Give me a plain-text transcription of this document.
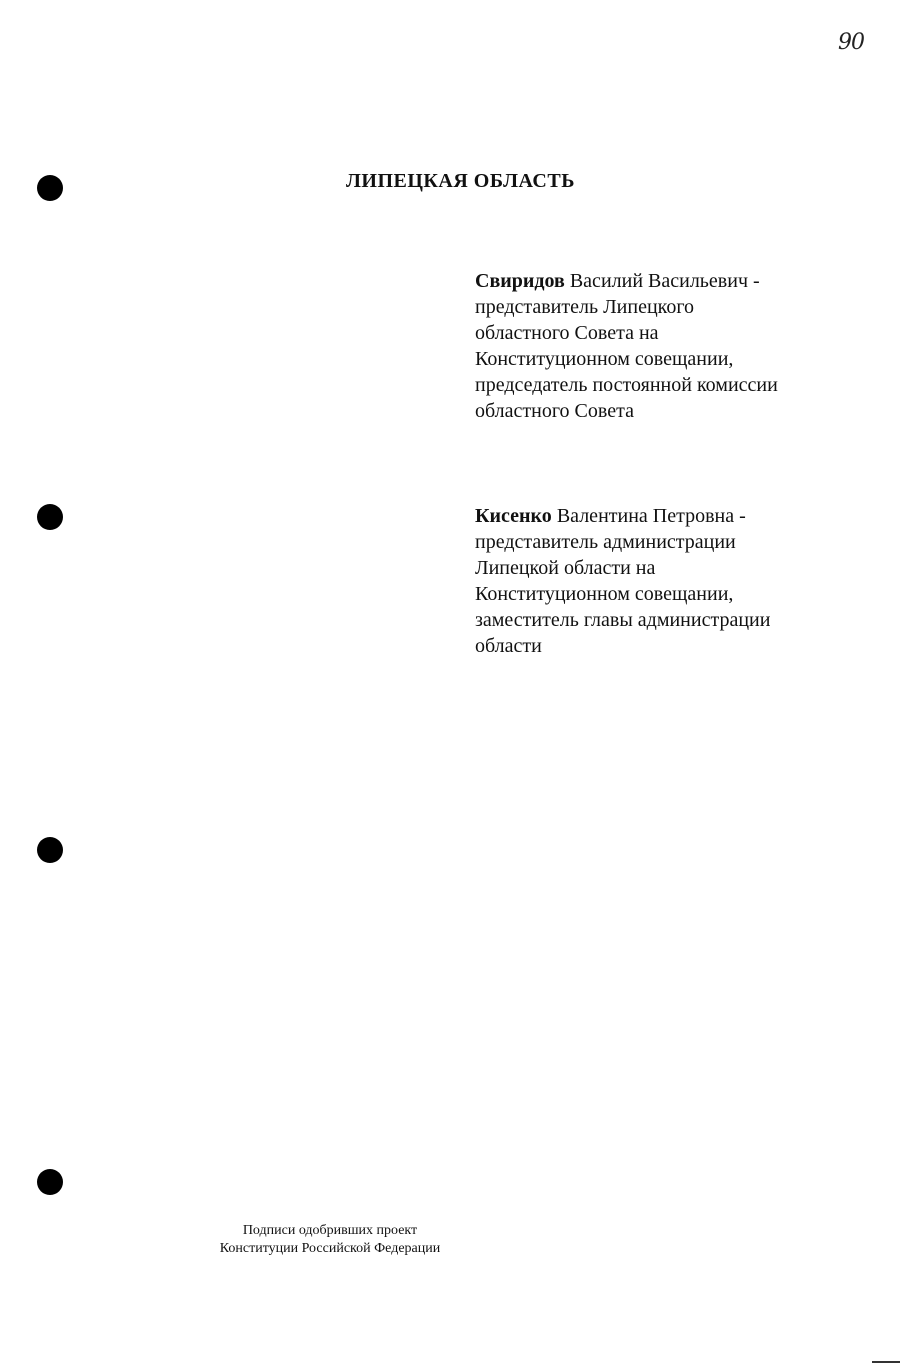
90
ЛИПЕЦКАЯ ОБЛАСТЬ
Свиридов Василий Васильевич -
представитель Липецкого
областного Совета на
Конституционном совещании,
председатель постоянной комиссии
областного Совета
Кисенко Валентина Петровна -
представитель администрации
Липецкой области на
Конституционном совещании,
заместитель главы администрации
области
Подписи одобривших проект
Конституции Российской Федерации
